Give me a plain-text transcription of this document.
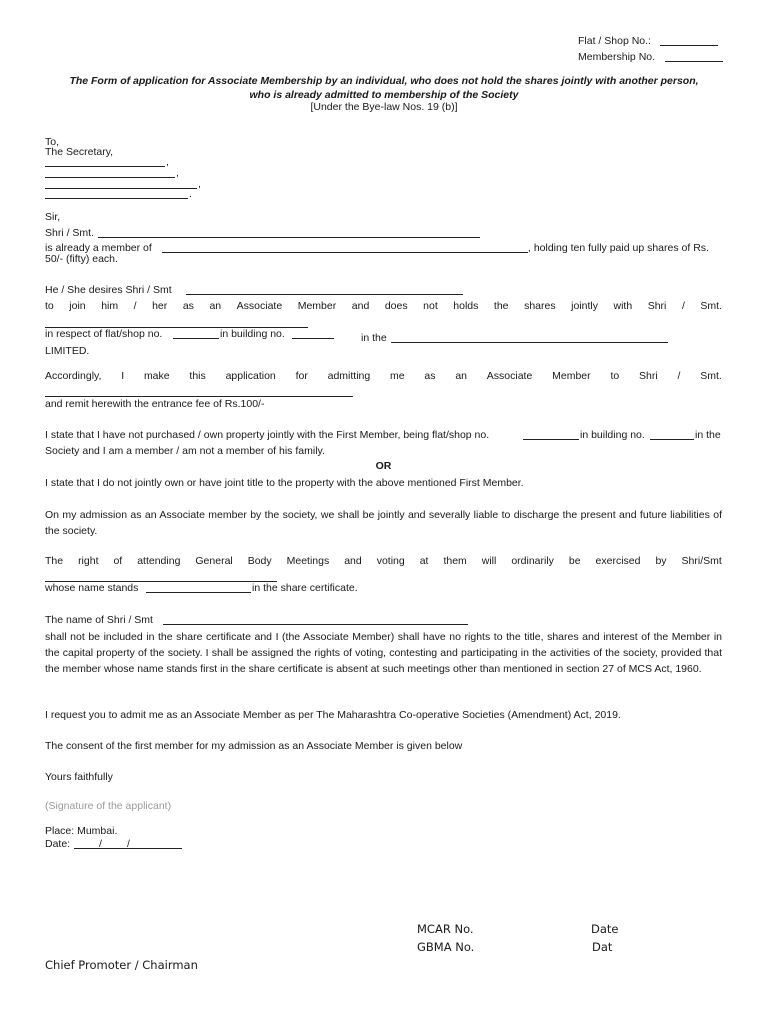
Flat / Shop No.:
Membership No.
The Form of application for Associate Membership by an individual, who does not hold the shares jointly with another person,
who is already admitted to membership of the Society
[Under the Bye-law Nos. 19 (b)]
To,
The Secretary,
,
,
,
.
Sir,
Shri / Smt.
is already a member of	, holding ten fully paid up shares of Rs.
50/- (fifty) each.
He / She desires Shri / Smt
to join him / her as an Associate Member and does not holds the shares jointly with Shri / Smt.
in respect of flat/shop no.	in building no.	in the
LIMITED.
Accordingly, I make this application for admitting me as an Associate Member to Shri / Smt.
and remit herewith the entrance fee of Rs.100/-
I state that I have not purchased / own property jointly with the First Member, being flat/shop no.	in building no.	in the
Society and I am a member / am not a member of his family.
OR
I state that I do not jointly own or have joint title to the property with the above mentioned First Member.
On my admission as an Associate member by the society, we shall be jointly and severally liable to discharge the present and future liabilities of the society.
The right of attending General Body Meetings and voting at them will ordinarily be exercised by Shri/Smt
whose name stands	in the share certificate.
The name of Shri / Smt
shall not be included in the share certificate and I (the Associate Member) shall have no rights to the title, shares and interest of the Member in the capital property of the society. I shall be assigned the rights of voting, contesting and participating in the activities of the society, provided that the member whose name stands first in the share certificate is absent at such meetings other than mentioned in section 27 of MCS Act, 1960.
I request you to admit me as an Associate Member as per The Maharashtra Co-operative Societies (Amendment) Act, 2019.
The consent of the first member for my admission as an Associate Member is given below
Yours faithfully
(Signature of the applicant)
Place: Mumbai.
Date:	/ /
MCAR No.	Date
GBMA No.	Dat
Chief Promoter / Chairman
